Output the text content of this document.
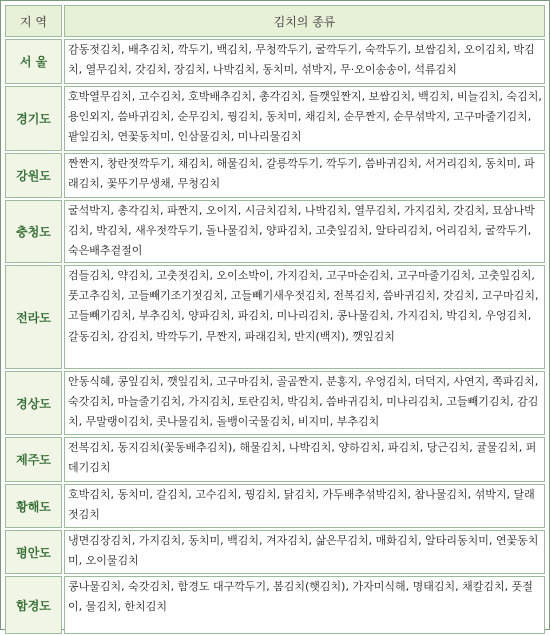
지 역	김치의 종류
서 울	감동젓김치, 배추김치, 깍두기, 백김치, 무청깍두기, 굴깍두기, 숙깍두기, 보쌈김치, 오이김치, 박김치, 열무김치, 갓김치, 장김치, 나박김치, 동치미, 섞박지, 무·오이송송이, 석류김치
경기도	호박열무김치, 고수김치, 호박배추김치, 총각김치, 들깻잎짠지, 보쌈김치, 백김치, 비늘김치, 숙김치, 용인외지, 씀바귀김치, 순무김치, 꿩김치, 동치미, 채김치, 순무짠지, 순무섞박지, 고구마줄기김치, 팥잎김치, 연꽃동치미, 인삼물김치, 미나리물김치
강원도	짠짠지, 창란젓깍두기, 채김치, 해물김치, 갈릉깍두기, 깍두기, 씀바귀김치, 서거리김치, 동치미, 파래김치, 꽃뚜기무생채, 무청김치
충청도	굴석박지, 총각김치, 파짠지, 오이지, 시금치김치, 나박김치, 열무김치, 가지김치, 갓김치, 묘삼나박김치, 박김치, 새우젓깍두기, 돌나물김치, 양파김치, 고춧잎김치, 알타리김치, 어리김치, 굴깍두기, 숙은배추겉절이
전라도	검들김치, 약김치, 고춧젓김치, 오이소박이, 가지김치, 고구마순김치, 고구마줄기김치, 고춧잎김치, 풋고추김치, 고들빼기조기젓김치, 고들빼기새우젓김치, 전복김치, 씀바귀김치, 갓김치, 고구마김치, 고들빼기김치, 부추김치, 양파김치, 파김치, 미나리김치, 콩나물김치, 가지김치, 박김치, 우엉김치, 갈동김치, 감김치, 박깍두기, 무짠지, 파래김치, 반지(백지), 깻잎김치
경상도	안동식혜, 콩잎김치, 깻잎김치, 고구마김치, 골곰짠지, 분홍지, 우엉김치, 더덕지, 사연지, 쪽파김치, 숙갓김치, 마늘줄기김치, 가지김치, 토란김치, 박김치, 씀바귀김치, 미나리김치, 고들빼기김치, 감김치, 무말랭이김치, 콧나물김치, 돌뱅이국물김치, 비지미, 부추김치
제주도	전복김치, 동지김치(꽃동배추김치), 해물김치, 나박김치, 양하김치, 파김치, 당근김치, 귤물김치, 퍼데기김치
황해도	호박김치, 동치미, 갈김치, 고수김치, 꿩김치, 닭김치, 가두배추섞박김치, 참나물김치, 섞박지, 달래젓김치
평안도	냉면김장김치, 가지김치, 동치미, 백김치, 겨자김치, 삶은무김치, 매화김치, 알타리동치미, 연꽃동치미, 오이물김치
함경도	콩나물김치, 숙갓김치, 함경도 대구깍두기, 봄김치(햇김치), 가자미식해, 명태김치, 채칼김치, 풋절이, 물김치, 한치김치
